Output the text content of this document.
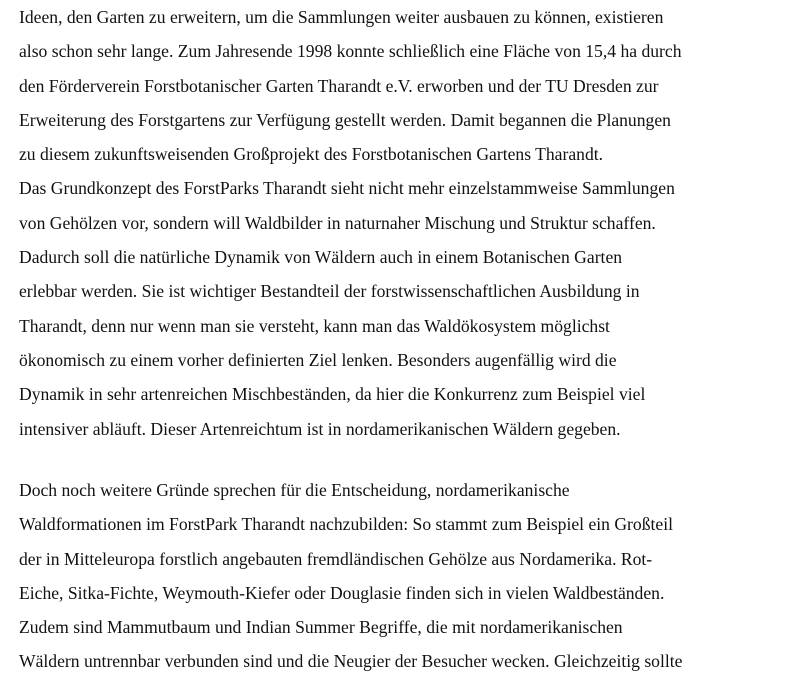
Ideen, den Garten zu erweitern, um die Sammlungen weiter ausbauen zu können, existieren
also schon sehr lange. Zum Jahresende 1998 konnte schließlich eine Fläche von 15,4 ha durch
den Förderverein Forstbotanischer Garten Tharandt e.V. erworben und der TU Dresden zur
Erweiterung des Forstgartens zur Verfügung gestellt werden. Damit begannen die Planungen
zu diesem zukunftsweisenden Großprojekt des Forstbotanischen Gartens Tharandt.
Das Grundkonzept des ForstParks Tharandt sieht nicht mehr einzelstammweise Sammlungen
von Gehölzen vor, sondern will Waldbilder in naturnaher Mischung und Struktur schaffen.
Dadurch soll die natürliche Dynamik von Wäldern auch in einem Botanischen Garten
erlebbar werden. Sie ist wichtiger Bestandteil der forstwissenschaftlichen Ausbildung in
Tharandt, denn nur wenn man sie versteht, kann man das Waldökosystem möglichst
ökonomisch zu einem vorher definierten Ziel lenken. Besonders augenfällig wird die
Dynamik in sehr artenreichen Mischbeständen, da hier die Konkurrenz zum Beispiel viel
intensiver abläuft. Dieser Artenreichtum ist in nordamerikanischen Wäldern gegeben.
Doch noch weitere Gründe sprechen für die Entscheidung, nordamerikanische
Waldformationen im ForstPark Tharandt nachzubilden: So stammt zum Beispiel ein Großteil
der in Mitteleuropa forstlich angebauten fremdländischen Gehölze aus Nordamerika. Rot-
Eiche, Sitka-Fichte, Weymouth-Kiefer oder Douglasie finden sich in vielen Waldbeständen.
Zudem sind Mammutbaum und Indian Summer Begriffe, die mit nordamerikanischen
Wäldern untrennbar verbunden sind und die Neugier der Besucher wecken. Gleichzeitig sollte
